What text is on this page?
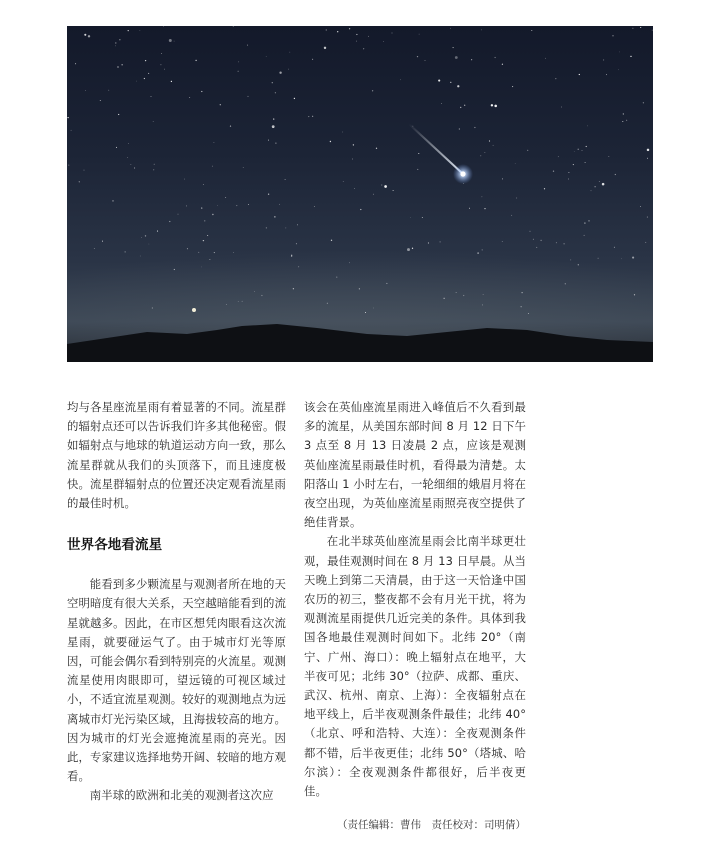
均与各星座流星雨有着显著的不同。流星群的辐射点还可以告诉我们许多其他秘密。假如辐射点与地球的轨道运动方向一致，那么流星群就从我们的头顶落下，而且速度极快。流星群辐射点的位置还决定观看流星雨的最佳时机。

世界各地看流星

能看到多少颗流星与观测者所在地的天空明暗度有很大关系，天空越暗能看到的流星就越多。因此，在市区想凭肉眼看这次流星雨，就要碰运气了。由于城市灯光等原因，可能会偶尔看到特别亮的火流星。观测流星使用肉眼即可，望远镜的可视区域过小，不适宜流星观测。较好的观测地点为远离城市灯光污染区域，且海拔较高的地方。因为城市的灯光会遮掩流星雨的亮光。因此，专家建议选择地势开阔、较暗的地方观看。

南半球的欧洲和北美的观测者这次应

该会在英仙座流星雨进入峰值后不久看到最多的流星，从美国东部时间 8 月 12 日下午 3 点至 8 月 13 日凌晨 2 点，应该是观测英仙座流星雨最佳时机，看得最为清楚。太阳落山 1 小时左右，一轮细细的娥眉月将在夜空出现，为英仙座流星雨照亮夜空提供了绝佳背景。

在北半球英仙座流星雨会比南半球更壮观，最佳观测时间在 8 月 13 日早晨。从当天晚上到第二天清晨，由于这一天恰逢中国农历的初三，整夜都不会有月光干扰，将为观测流星雨提供几近完美的条件。具体到我国各地最佳观测时间如下。北纬 20°（南宁、广州、海口）：晚上辐射点在地平，大半夜可见；北纬 30°（拉萨、成都、重庆、武汉、杭州、南京、上海）：全夜辐射点在地平线上，后半夜观测条件最佳；北纬 40°（北京、呼和浩特、大连）：全夜观测条件都不错，后半夜更佳；北纬 50°（塔城、哈尔滨）：全夜观测条件都很好，后半夜更佳。

（责任编辑：曹伟　责任校对：司明倩）
